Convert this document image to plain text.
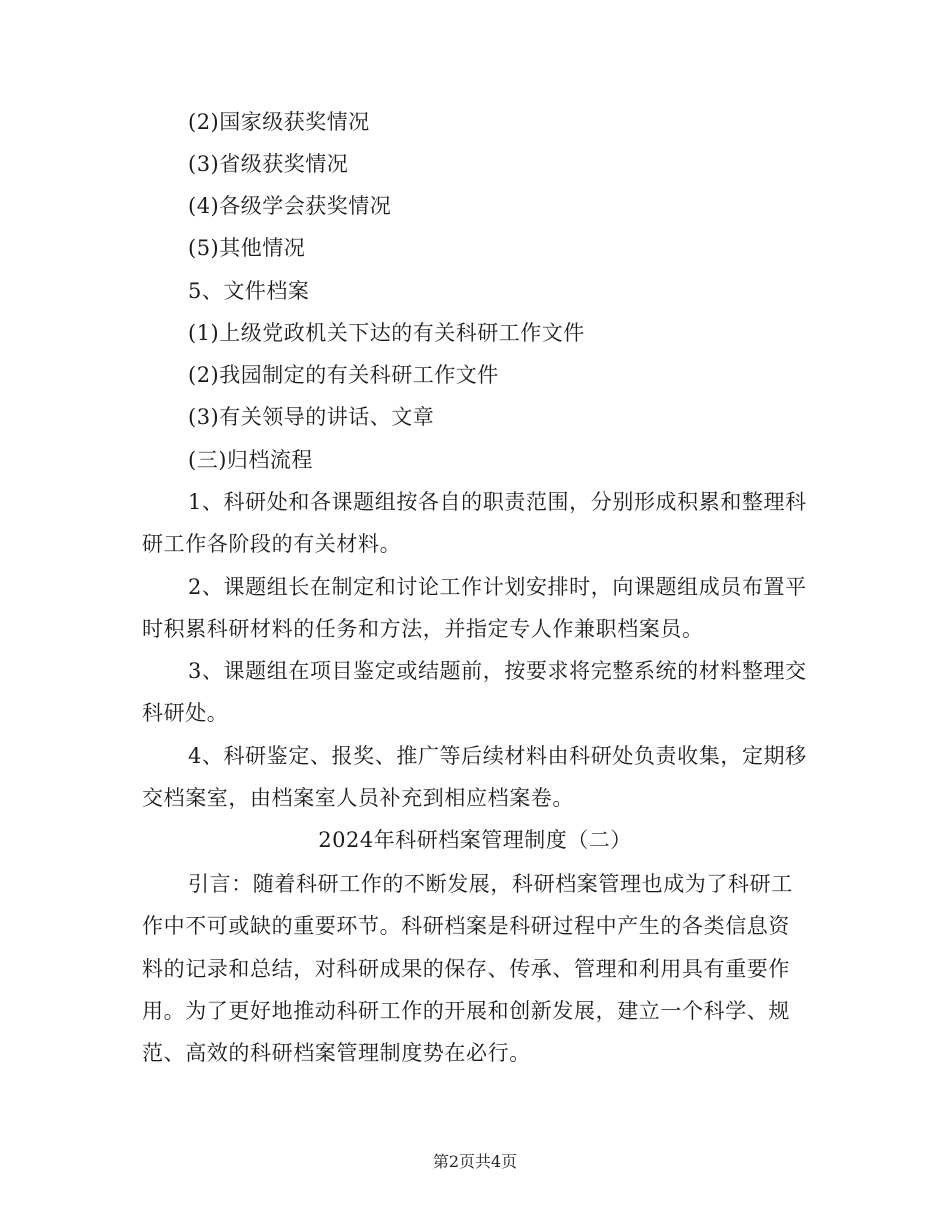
(2)国家级获奖情况
(3)省级获奖情况
(4)各级学会获奖情况
(5)其他情况
5、文件档案
(1)上级党政机关下达的有关科研工作文件
(2)我园制定的有关科研工作文件
(3)有关领导的讲话、文章
(三)归档流程
1、科研处和各课题组按各自的职责范围，分别形成积累和整理科
研工作各阶段的有关材料。
2、课题组长在制定和讨论工作计划安排时，向课题组成员布置平
时积累科研材料的任务和方法，并指定专人作兼职档案员。
3、课题组在项目鉴定或结题前，按要求将完整系统的材料整理交
科研处。
4、科研鉴定、报奖、推广等后续材料由科研处负责收集，定期移
交档案室，由档案室人员补充到相应档案卷。
2024年科研档案管理制度（二）
引言：随着科研工作的不断发展，科研档案管理也成为了科研工
作中不可或缺的重要环节。科研档案是科研过程中产生的各类信息资
料的记录和总结，对科研成果的保存、传承、管理和利用具有重要作
用。为了更好地推动科研工作的开展和创新发展，建立一个科学、规
范、高效的科研档案管理制度势在必行。
第2页共4页
